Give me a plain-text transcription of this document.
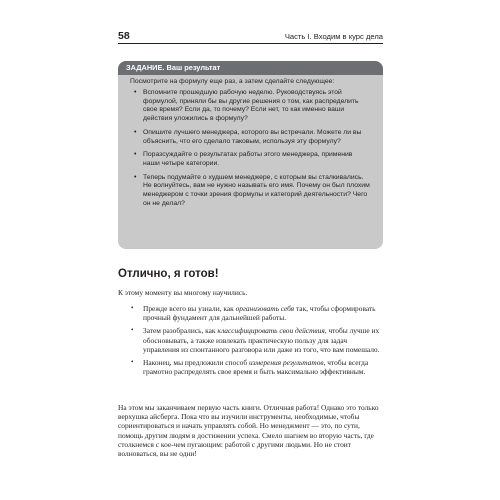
58	Часть I. Входим в курс дела
ЗАДАНИЕ. Ваш результат
Посмотрите на формулу еще раз, а затем сделайте следующее:
• Вспомните прошедшую рабочую неделю. Руководствуясь этой формулой, приняли бы вы другие решения о том, как распределить свое время? Если да, то почему? Если нет, то как именно ваши действия уложились в формулу?
• Опишите лучшего менеджера, которого вы встречали. Можете ли вы объяснить, что его сделало таковым, используя эту формулу?
• Поразсуждайте о результатах работы этого менеджера, применив наши четыре категории.
• Теперь подумайте о худшем менеджере, с которым вы сталкивались. Не волнуйтесь, вам не нужно называть его имя. Почему он был плохим менеджером с точки зрения формулы и категорий деятельности? Чего он не делал?
Отлично, я готов!

К этому моменту вы многому научились.

• Прежде всего вы узнали, как организовать себя так, чтобы сформировать прочный фундамент для дальнейшей работы.

• Затем разобрались, как классифицировать свои действия, чтобы лучше их обосновывать, а также извлекать практическую пользу для задач управления из спонтанного разговора или даже из того, что вам помешало.

• Наконец, мы предложили способ измерения результатов, чтобы всегда грамотно распределять свое время и быть максимально эффективным.

На этом мы заканчиваем первую часть книги. Отличная работа! Однако это только верхушка айсберга. Пока что вы изучили инструменты, необходимые, чтобы сориентироваться и начать управлять собой. Но менеджмент — это, по сути, помощь другим людям в достижении успеха. Смело шагнем во вторую часть, где столкнемся с кое-чем пугающим: работой с другими людьми. Но не стоит волноваться, вы не одни!
